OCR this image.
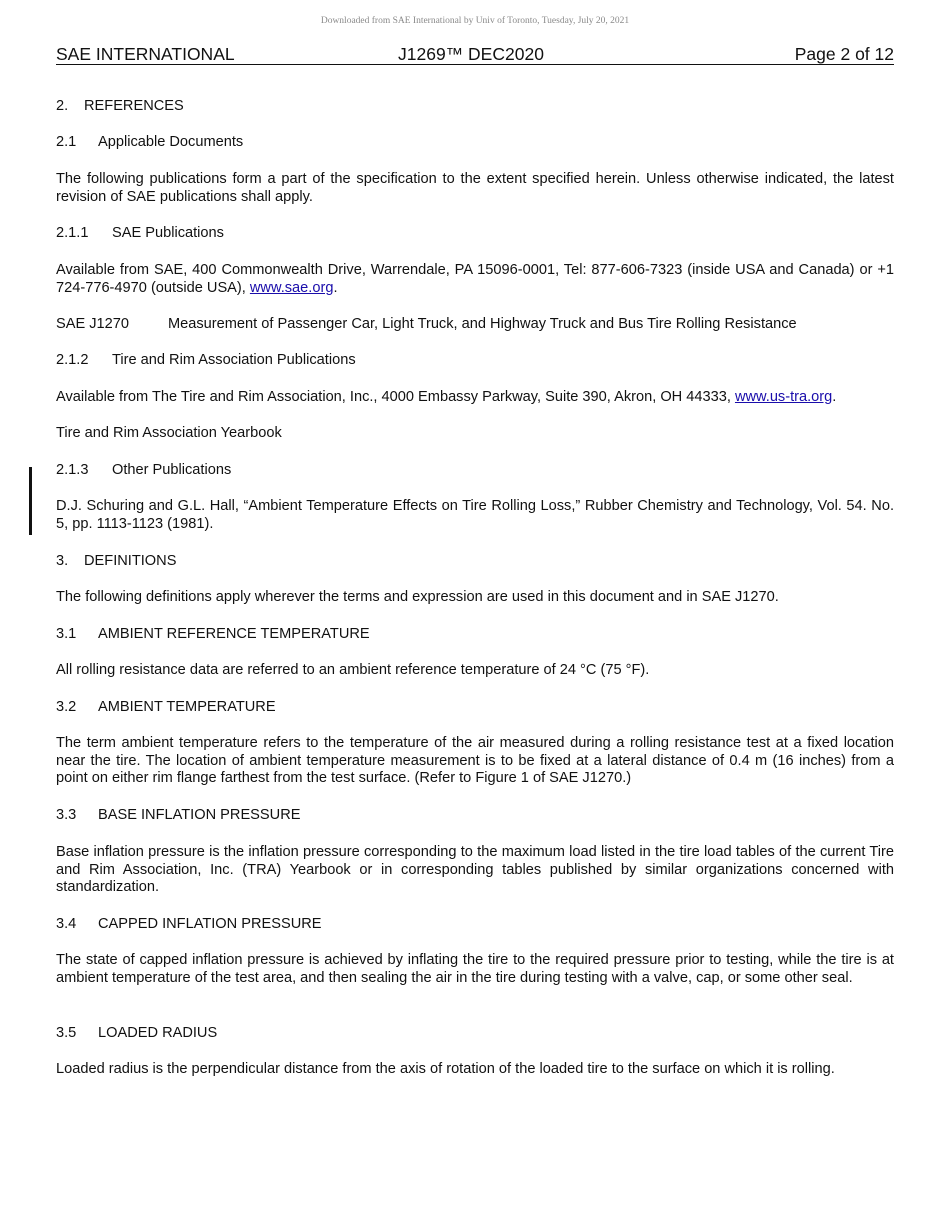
Downloaded from SAE International by Univ of Toronto, Tuesday, July 20, 2021
SAE INTERNATIONAL	J1269™ DEC2020	Page 2 of 12
2. REFERENCES
2.1 Applicable Documents
The following publications form a part of the specification to the extent specified herein. Unless otherwise indicated, the latest revision of SAE publications shall apply.
2.1.1 SAE Publications
Available from SAE, 400 Commonwealth Drive, Warrendale, PA 15096-0001, Tel: 877-606-7323 (inside USA and Canada) or +1 724-776-4970 (outside USA), www.sae.org.
SAE J1270	Measurement of Passenger Car, Light Truck, and Highway Truck and Bus Tire Rolling Resistance
2.1.2 Tire and Rim Association Publications
Available from The Tire and Rim Association, Inc., 4000 Embassy Parkway, Suite 390, Akron, OH 44333, www.us-tra.org.
Tire and Rim Association Yearbook
2.1.3 Other Publications
D.J. Schuring and G.L. Hall, “Ambient Temperature Effects on Tire Rolling Loss,” Rubber Chemistry and Technology, Vol. 54. No. 5, pp. 1113-1123 (1981).
3. DEFINITIONS
The following definitions apply wherever the terms and expression are used in this document and in SAE J1270.
3.1 AMBIENT REFERENCE TEMPERATURE
All rolling resistance data are referred to an ambient reference temperature of 24 °C (75 °F).
3.2 AMBIENT TEMPERATURE
The term ambient temperature refers to the temperature of the air measured during a rolling resistance test at a fixed location near the tire. The location of ambient temperature measurement is to be fixed at a lateral distance of 0.4 m (16 inches) from a point on either rim flange farthest from the test surface. (Refer to Figure 1 of SAE J1270.)
3.3 BASE INFLATION PRESSURE
Base inflation pressure is the inflation pressure corresponding to the maximum load listed in the tire load tables of the current Tire and Rim Association, Inc. (TRA) Yearbook or in corresponding tables published by similar organizations concerned with standardization.
3.4 CAPPED INFLATION PRESSURE
The state of capped inflation pressure is achieved by inflating the tire to the required pressure prior to testing, while the tire is at ambient temperature of the test area, and then sealing the air in the tire during testing with a valve, cap, or some other seal.
3.5 LOADED RADIUS
Loaded radius is the perpendicular distance from the axis of rotation of the loaded tire to the surface on which it is rolling.
